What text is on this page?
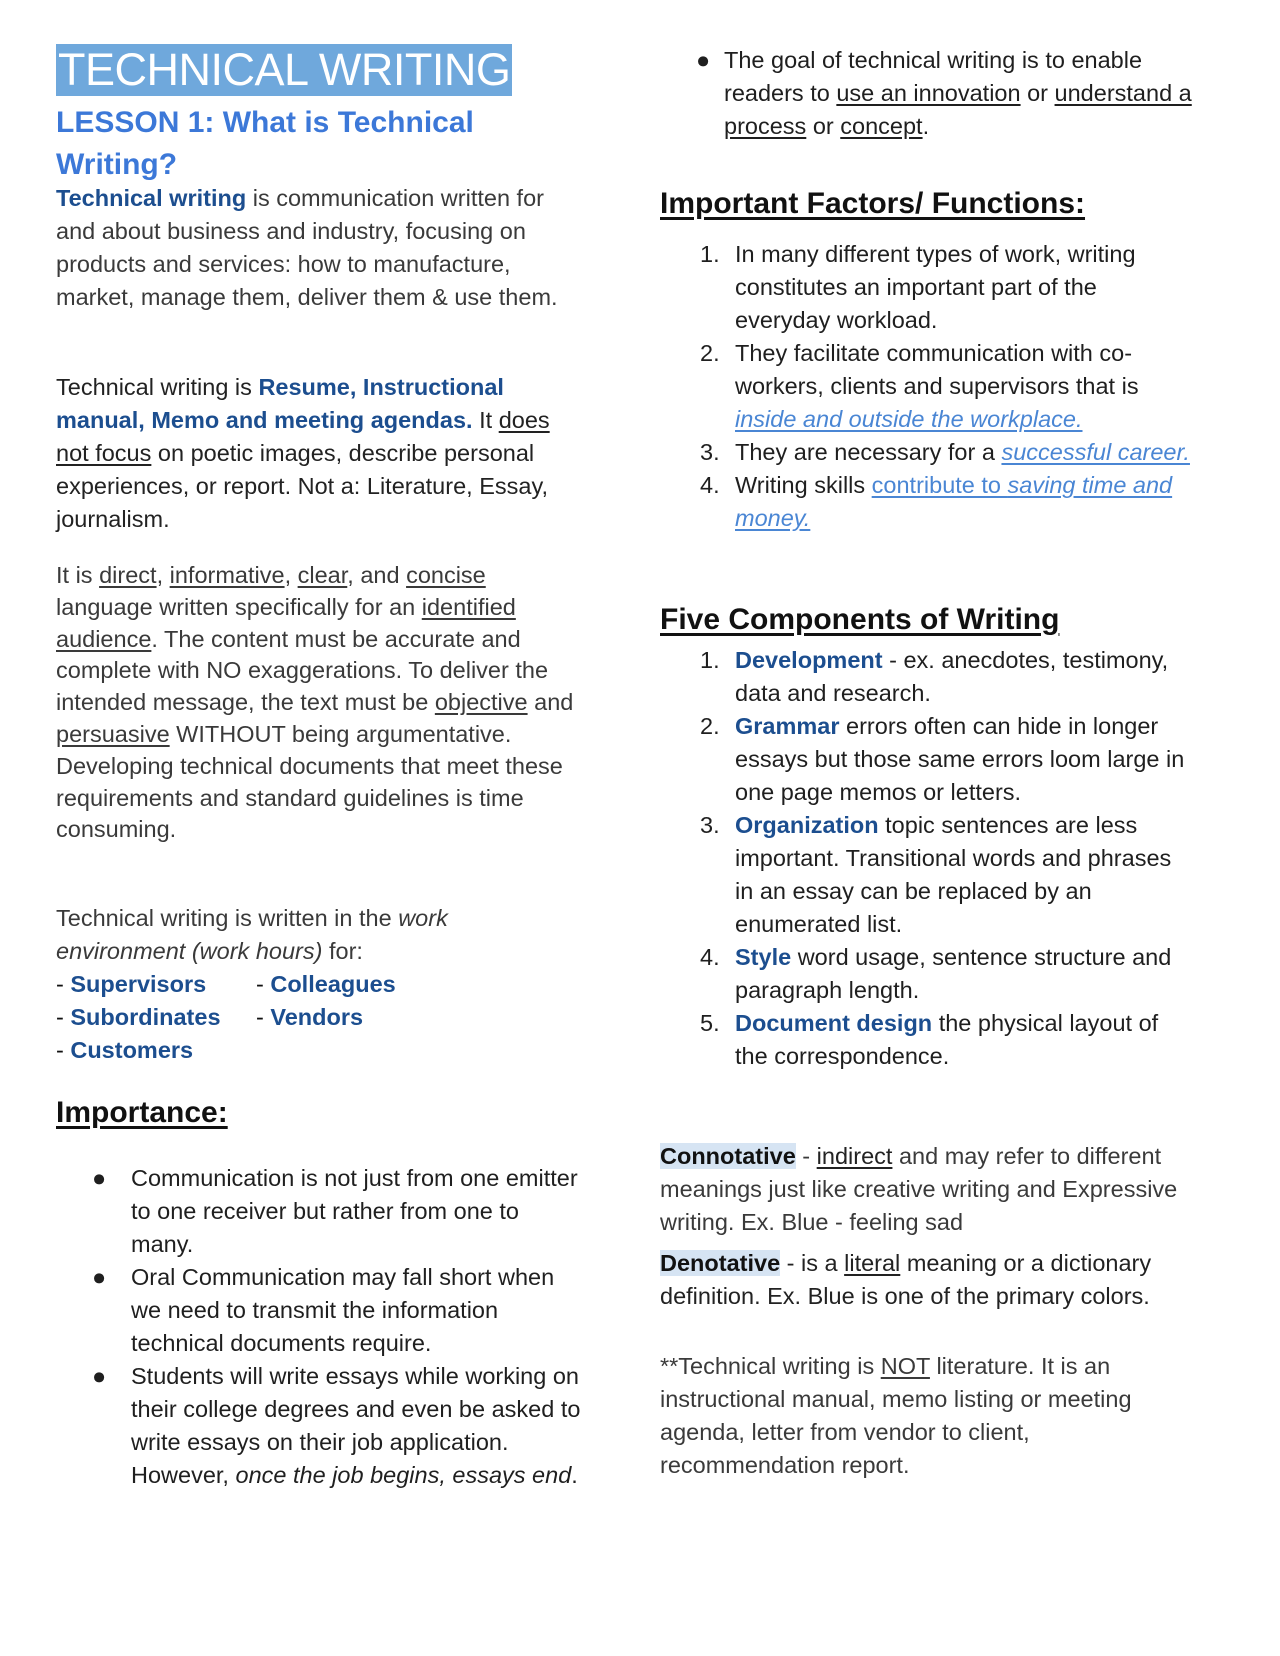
TECHNICAL WRITING
LESSON 1: What is Technical
Writing?

Technical writing is communication written for and about business and industry, focusing on products and services: how to manufacture, market, manage them, deliver them & use them.

Technical writing is Resume, Instructional manual, Memo and meeting agendas. It does not focus on poetic images, describe personal experiences, or report. Not a: Literature, Essay, journalism.

It is direct, informative, clear, and concise language written specifically for an identified audience. The content must be accurate and complete with NO exaggerations. To deliver the intended message, the text must be objective and persuasive WITHOUT being argumentative. Developing technical documents that meet these requirements and standard guidelines is time consuming.

Technical writing is written in the work environment (work hours) for:

- Supervisors	- Colleagues
- Subordinates	- Vendors
- Customers
Importance:
● Communication is not just from one emitter to one receiver but rather from one to many.
● Oral Communication may fall short when we need to transmit the information technical documents require.
● Students will write essays while working on their college degrees and even be asked to write essays on their job application. However, once the job begins, essays end.
● The goal of technical writing is to enable readers to use an innovation or understand a process or concept.
Important Factors/ Functions:
1. In many different types of work, writing constitutes an important part of the everyday workload.
2. They facilitate communication with co-workers, clients and supervisors that is inside and outside the workplace.
3. They are necessary for a successful career.
4. Writing skills contribute to saving time and money.
Five Components of Writing
1. Development - ex. anecdotes, testimony, data and research.
2. Grammar errors often can hide in longer essays but those same errors loom large in one page memos or letters.
3. Organization topic sentences are less important. Transitional words and phrases in an essay can be replaced by an enumerated list.
4. Style word usage, sentence structure and paragraph length.
5. Document design the physical layout of the correspondence.

Connotative - indirect and may refer to different meanings just like creative writing and Expressive writing. Ex. Blue - feeling sad

Denotative - is a literal meaning or a dictionary definition. Ex. Blue is one of the primary colors.

**Technical writing is NOT literature. It is an instructional manual, memo listing or meeting agenda, letter from vendor to client, recommendation report.
